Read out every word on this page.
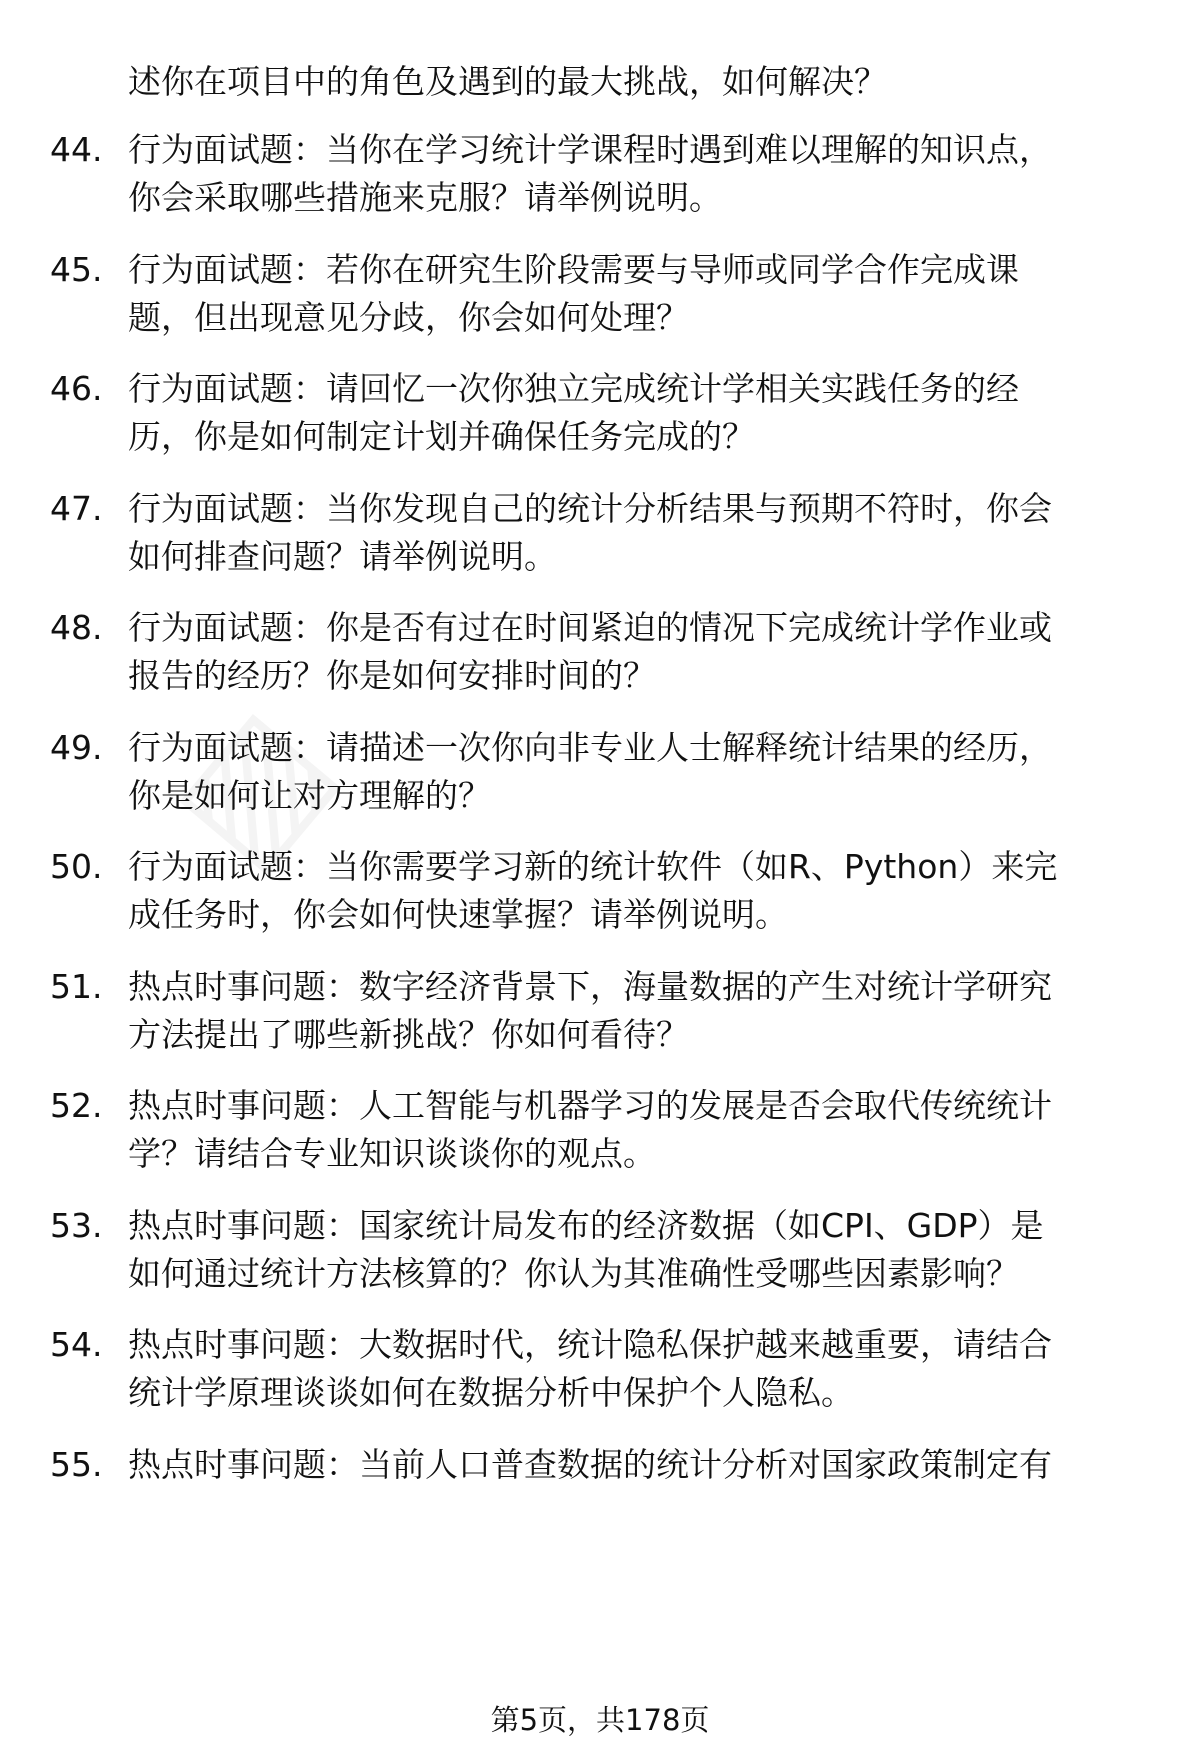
述你在项目中的角色及遇到的最大挑战，如何解决？

44. 行为面试题：当你在学习统计学课程时遇到难以理解的知识点，
你会采取哪些措施来克服？请举例说明。
45. 行为面试题：若你在研究生阶段需要与导师或同学合作完成课
题，但出现意见分歧，你会如何处理？
46. 行为面试题：请回忆一次你独立完成统计学相关实践任务的经
历，你是如何制定计划并确保任务完成的？
47. 行为面试题：当你发现自己的统计分析结果与预期不符时，你会
如何排查问题？请举例说明。
48. 行为面试题：你是否有过在时间紧迫的情况下完成统计学作业或
报告的经历？你是如何安排时间的？
49. 行为面试题：请描述一次你向非专业人士解释统计结果的经历，
你是如何让对方理解的？
50. 行为面试题：当你需要学习新的统计软件（如R、Python）来完
成任务时，你会如何快速掌握？请举例说明。
51. 热点时事问题：数字经济背景下，海量数据的产生对统计学研究
方法提出了哪些新挑战？你如何看待？
52. 热点时事问题：人工智能与机器学习的发展是否会取代传统统计
学？请结合专业知识谈谈你的观点。
53. 热点时事问题：国家统计局发布的经济数据（如CPI、GDP）是
如何通过统计方法核算的？你认为其准确性受哪些因素影响？
54. 热点时事问题：大数据时代，统计隐私保护越来越重要，请结合
统计学原理谈谈如何在数据分析中保护个人隐私。
55. 热点时事问题：当前人口普查数据的统计分析对国家政策制定有
第5页，共178页
